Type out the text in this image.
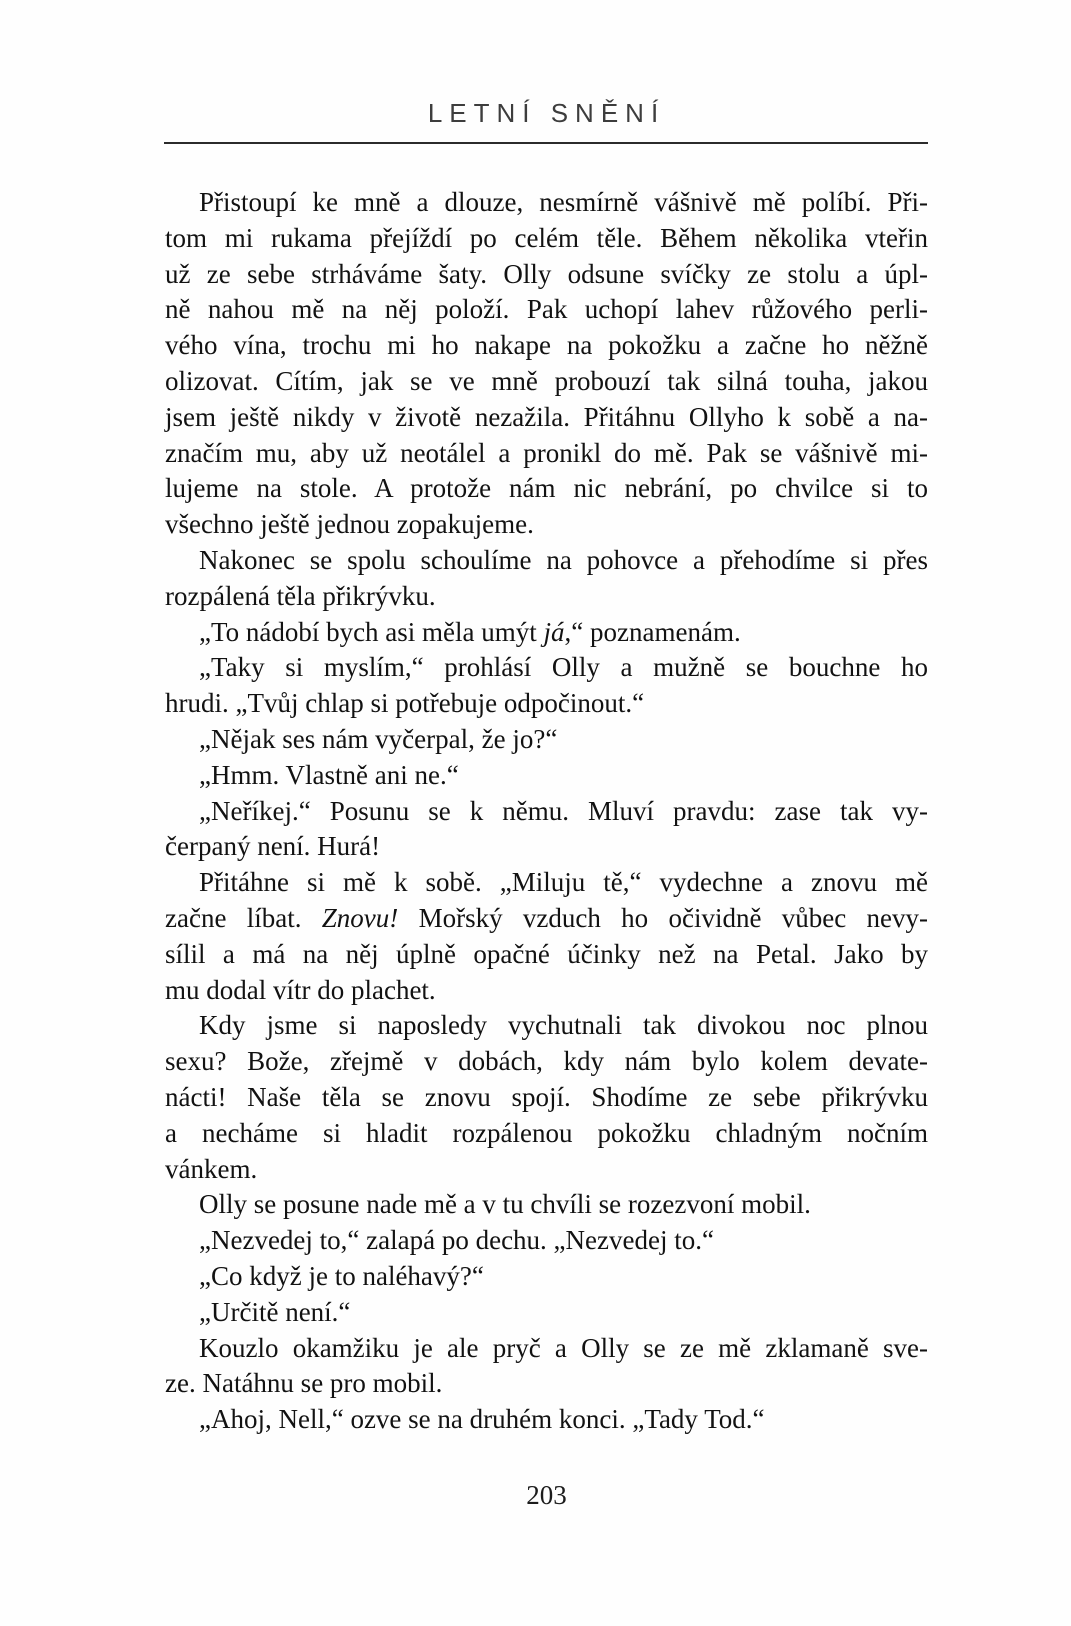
LETNÍ SNĚNÍ
Přistoupí ke mně a dlouze, nesmírně vášnivě mě políbí. Při-
tom mi rukama přejíždí po celém těle. Během několika vteřin
už ze sebe strháváme šaty. Olly odsune svíčky ze stolu a úpl-
ně nahou mě na něj položí. Pak uchopí lahev růžového perli-
vého vína, trochu mi ho nakape na pokožku a začne ho něžně
olizovat. Cítím, jak se ve mně probouzí tak silná touha, jakou
jsem ještě nikdy v životě nezažila. Přitáhnu Ollyho k sobě a na-
značím mu, aby už neotálel a pronikl do mě. Pak se vášnivě mi-
lujeme na stole. A protože nám nic nebrání, po chvilce si to
všechno ještě jednou zopakujeme.
Nakonec se spolu schoulíme na pohovce a přehodíme si přes
rozpálená těla přikrývku.
„To nádobí bych asi měla umýt já,“ poznamenám.
„Taky si myslím,“ prohlásí Olly a mužně se bouchne ho
hrudi. „Tvůj chlap si potřebuje odpočinout.“
„Nějak ses nám vyčerpal, že jo?“
„Hmm. Vlastně ani ne.“
„Neříkej.“ Posunu se k němu. Mluví pravdu: zase tak vy-
čerpaný není. Hurá!
Přitáhne si mě k sobě. „Miluju tě,“ vydechne a znovu mě
začne líbat. Znovu! Mořský vzduch ho očividně vůbec nevy-
sílil a má na něj úplně opačné účinky než na Petal. Jako by
mu dodal vítr do plachet.
Kdy jsme si naposledy vychutnali tak divokou noc plnou
sexu? Bože, zřejmě v dobách, kdy nám bylo kolem devate-
nácti! Naše těla se znovu spojí. Shodíme ze sebe přikrývku
a necháme si hladit rozpálenou pokožku chladným nočním
vánkem.
Olly se posune nade mě a v tu chvíli se rozezvoní mobil.
„Nezvedej to,“ zalapá po dechu. „Nezvedej to.“
„Co když je to naléhavý?“
„Určitě není.“
Kouzlo okamžiku je ale pryč a Olly se ze mě zklamaně sve-
ze. Natáhnu se pro mobil.
„Ahoj, Nell,“ ozve se na druhém konci. „Tady Tod.“
203
